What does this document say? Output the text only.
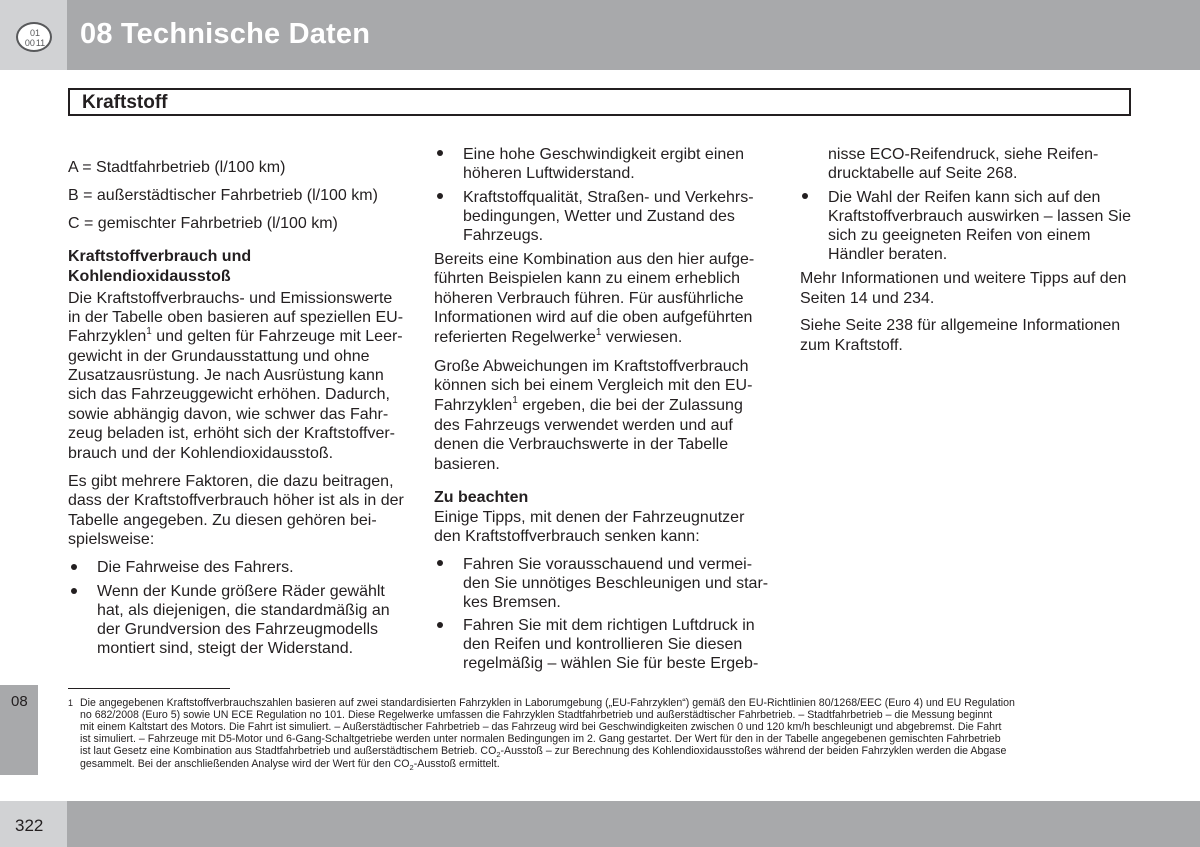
01
0011 08 Technische Daten
Kraftstoff
A = Stadtfahrbetrieb (l/100 km)
B = außerstädtischer Fahrbetrieb (l/100 km)
C = gemischter Fahrbetrieb (l/100 km)
Kraftstoffverbrauch und
Kohlendioxidausstoß
Die Kraftstoffverbrauchs- und Emissionswerte
in der Tabelle oben basieren auf speziellen EU-
Fahrzyklen$^1$ und gelten für Fahrzeuge mit Leer-
gewicht in der Grundausstattung und ohne
Zusatzausrüstung. Je nach Ausrüstung kann
sich das Fahrzeuggewicht erhöhen. Dadurch,
sowie abhängig davon, wie schwer das Fahr-
zeug beladen ist, erhöht sich der Kraftstoffver-
brauch und der Kohlendioxidausstoß.
Es gibt mehrere Faktoren, die dazu beitragen,
dass der Kraftstoffverbrauch höher ist als in der
Tabelle angegeben. Zu diesen gehören bei-
spielsweise:
Die Fahrweise des Fahrers.
Wenn der Kunde größere Räder gewählt
hat, als diejenigen, die standardmäßig an
der Grundversion des Fahrzeugmodells
montiert sind, steigt der Widerstand.
Eine hohe Geschwindigkeit ergibt einen
höheren Luftwiderstand.
Kraftstoffqualität, Straßen- und Verkehrs-
bedingungen, Wetter und Zustand des
Fahrzeugs.
Bereits eine Kombination aus den hier aufge-
führten Beispielen kann zu einem erheblich
höheren Verbrauch führen. Für ausführliche
Informationen wird auf die oben aufgeführten
referierten Regelwerke$^1$ verwiesen.
Große Abweichungen im Kraftstoffverbrauch
können sich bei einem Vergleich mit den EU-
Fahrzyklen$^1$ ergeben, die bei der Zulassung
des Fahrzeugs verwendet werden und auf
denen die Verbrauchswerte in der Tabelle
basieren.
Zu beachten
Einige Tipps, mit denen der Fahrzeugnutzer
den Kraftstoffverbrauch senken kann:
Fahren Sie vorausschauend und vermei-
den Sie unnötiges Beschleunigen und star-
kes Bremsen.
Fahren Sie mit dem richtigen Luftdruck in
den Reifen und kontrollieren Sie diesen
regelmäßig – wählen Sie für beste Ergeb-
nisse ECO-Reifendruck, siehe Reifen-
drucktabelle auf Seite 268.
Die Wahl der Reifen kann sich auf den
Kraftstoffverbrauch auswirken – lassen Sie
sich zu geeigneten Reifen von einem
Händler beraten.
Mehr Informationen und weitere Tipps auf den
Seiten 14 und 234.
Siehe Seite 238 für allgemeine Informationen
zum Kraftstoff.
08	1 Die angegebenen Kraftstoffverbrauchszahlen basieren auf zwei standardisierten Fahrzyklen in Laborumgebung („EU-Fahrzyklen“) gemäß den EU-Richtlinien 80/1268/EEC (Euro 4) und EU Regulation
no 682/2008 (Euro 5) sowie UN ECE Regulation no 101. Diese Regelwerke umfassen die Fahrzyklen Stadtfahrbetrieb und außerstädtischer Fahrbetrieb. – Stadtfahrbetrieb – die Messung beginnt
mit einem Kaltstart des Motors. Die Fahrt ist simuliert. – Außerstädtischer Fahrbetrieb – das Fahrzeug wird bei Geschwindigkeiten zwischen 0 und 120 km/h beschleunigt und abgebremst. Die Fahrt
ist simuliert. – Fahrzeuge mit D5-Motor und 6-Gang-Schaltgetriebe werden unter normalen Bedingungen im 2. Gang gestartet. Der Wert für den in der Tabelle angegebenen gemischten Fahrbetrieb
ist laut Gesetz eine Kombination aus Stadtfahrbetrieb und außerstädtischem Betrieb. $CO_2$-Ausstoß – zur Berechnung des Kohlendioxidausstoßes während der beiden Fahrzyklen werden die Abgase
gesammelt. Bei der anschließenden Analyse wird der Wert für den $CO_2$-Ausstoß ermittelt.
322
